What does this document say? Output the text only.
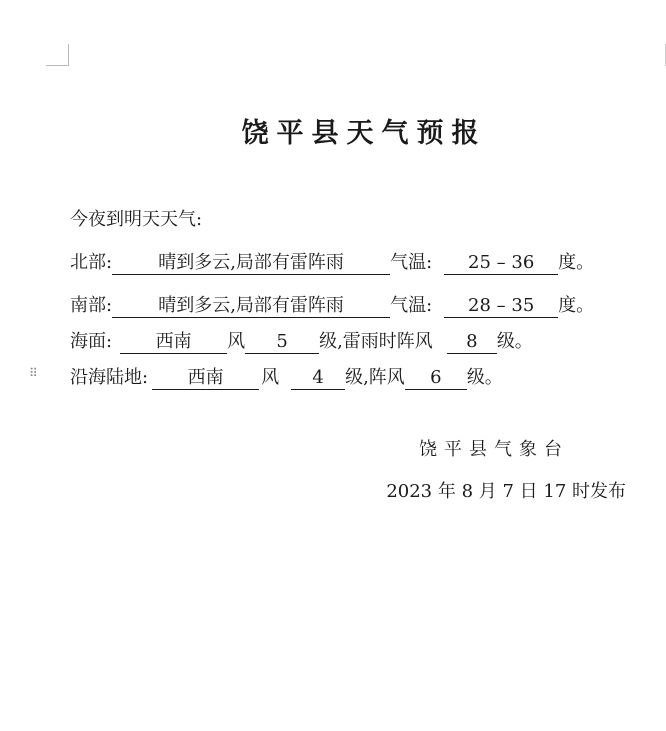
饶平县天气预报
今夜到明天天气:
北部:	晴到多云,局部有雷阵雨	气温: 25 – 36 度。
南部:	晴到多云,局部有雷阵雨	气温: 28 – 35 度。
海面: 西南 风 5 级,雷雨时阵风 8 级。
⠿ 沿海陆地: 西南 风 4 级,阵风 6 级。
饶平县气象台
2023 年 8 月 7 日 17 时发布
